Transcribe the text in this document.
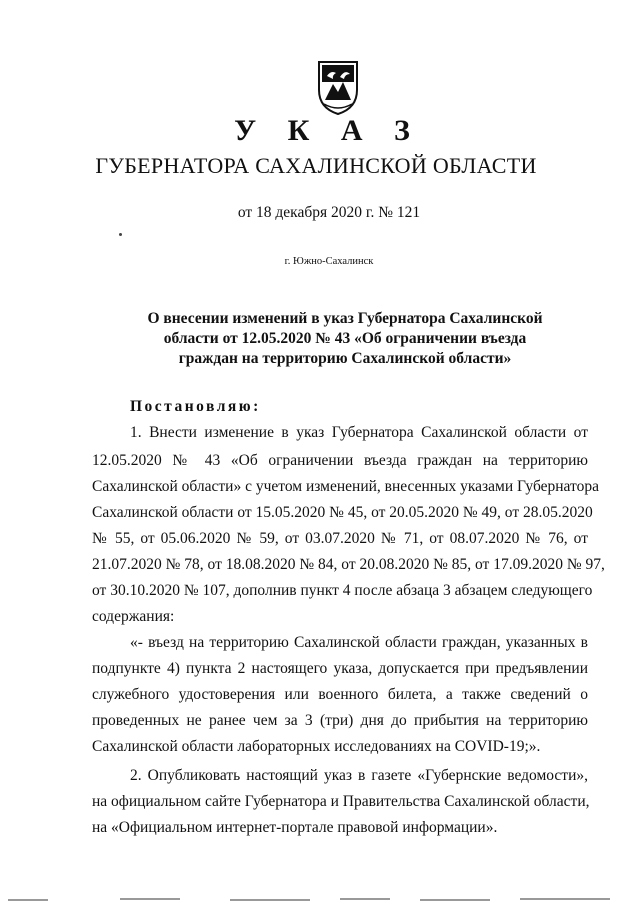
У К А З
ГУБЕРНАТОРА САХАЛИНСКОЙ ОБЛАСТИ
от 18 декабря 2020 г. № 121
г. Южно-Сахалинск
О внесении изменений в указ Губернатора Сахалинской
области от 12.05.2020 № 43 «Об ограничении въезда
граждан на территорию Сахалинской области»
Постановляю:
1. Внести изменение в указ Губернатора Сахалинской области от
12.05.2020 № 43 «Об ограничении въезда граждан на территорию
Сахалинской области» с учетом изменений, внесенных указами Губернатора
Сахалинской области от 15.05.2020 № 45, от 20.05.2020 № 49, от 28.05.2020
№ 55, от 05.06.2020 № 59, от 03.07.2020 № 71, от 08.07.2020 № 76, от
21.07.2020 № 78, от 18.08.2020 № 84, от 20.08.2020 № 85, от 17.09.2020 № 97,
от 30.10.2020 № 107, дополнив пункт 4 после абзаца 3 абзацем следующего
содержания:
«- въезд на территорию Сахалинской области граждан, указанных в
подпункте 4) пункта 2 настоящего указа, допускается при предъявлении
служебного удостоверения или военного билета, а также сведений о
проведенных не ранее чем за 3 (три) дня до прибытия на территорию
Сахалинской области лабораторных исследованиях на COVID-19;».
2. Опубликовать настоящий указ в газете «Губернские ведомости»,
на официальном сайте Губернатора и Правительства Сахалинской области,
на «Официальном интернет-портале правовой информации».
